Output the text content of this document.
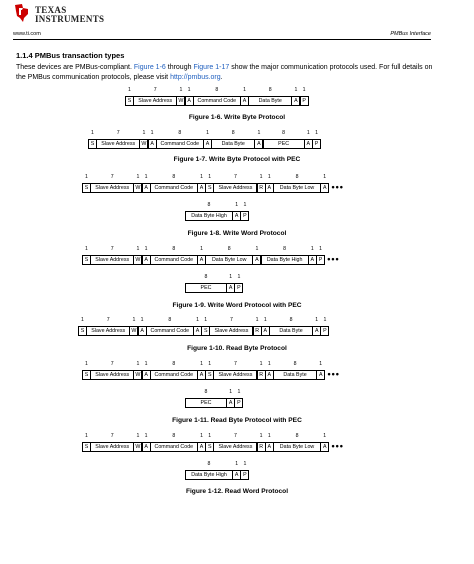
TEXAS
INSTRUMENTS
www.ti.com	PMBus Interface
1.1.4 PMBus transaction types
These devices are PMBus-compliant. Figure 1-6 through Figure 1-17 show the major communication protocols used. For full details on the PMBus communication protocols, please visit http://pmbus.org.
1
S
7
Slave Address
1
W
1
A
8
Command Code
1
A
8
Data Byte
1
A
1
P
Figure 1-6. Write Byte Protocol
1
S
7
Slave Address
1
W
1
A
8
Command Code
1
A
8
Data Byte
1
A
8
PEC
1
A
1
P
Figure 1-7. Write Byte Protocol with PEC
1
S
7
Slave Address
1
W
1
A
8
Command Code
1
A
1
S
7
Slave Address
1
R
1
A
8
Data Byte Low
1
A •••
8
Data Byte High
1
A
1
P
Figure 1-8. Write Word Protocol
1
S
7
Slave Address
1
W
1
A
8
Command Code
1
A
8
Data Byte Low
1
A
8
Data Byte High
1
A
1
P •••
8
PEC
1
A
1
P
Figure 1-9. Write Word Protocol with PEC
1
S
7
Slave Address
1
W
1
A
8
Command Code
1
A
1
S
7
Slave Address
1
R
1
A
8
Data Byte
1
A
1
P
Figure 1-10. Read Byte Protocol
1
S
7
Slave Address
1
W
1
A
8
Command Code
1
A
1
S
7
Slave Address
1
R
1
A
8
Data Byte
1
A •••
8
PEC
1
A
1
P
Figure 1-11. Read Byte Protocol with PEC
1
S
7
Slave Address
1
W
1
A
8
Command Code
1
A
1
S
7
Slave Address
1
R
1
A
8
Data Byte Low
1
A •••
8
Data Byte High
1
A
1
P
Figure 1-12. Read Word Protocol
